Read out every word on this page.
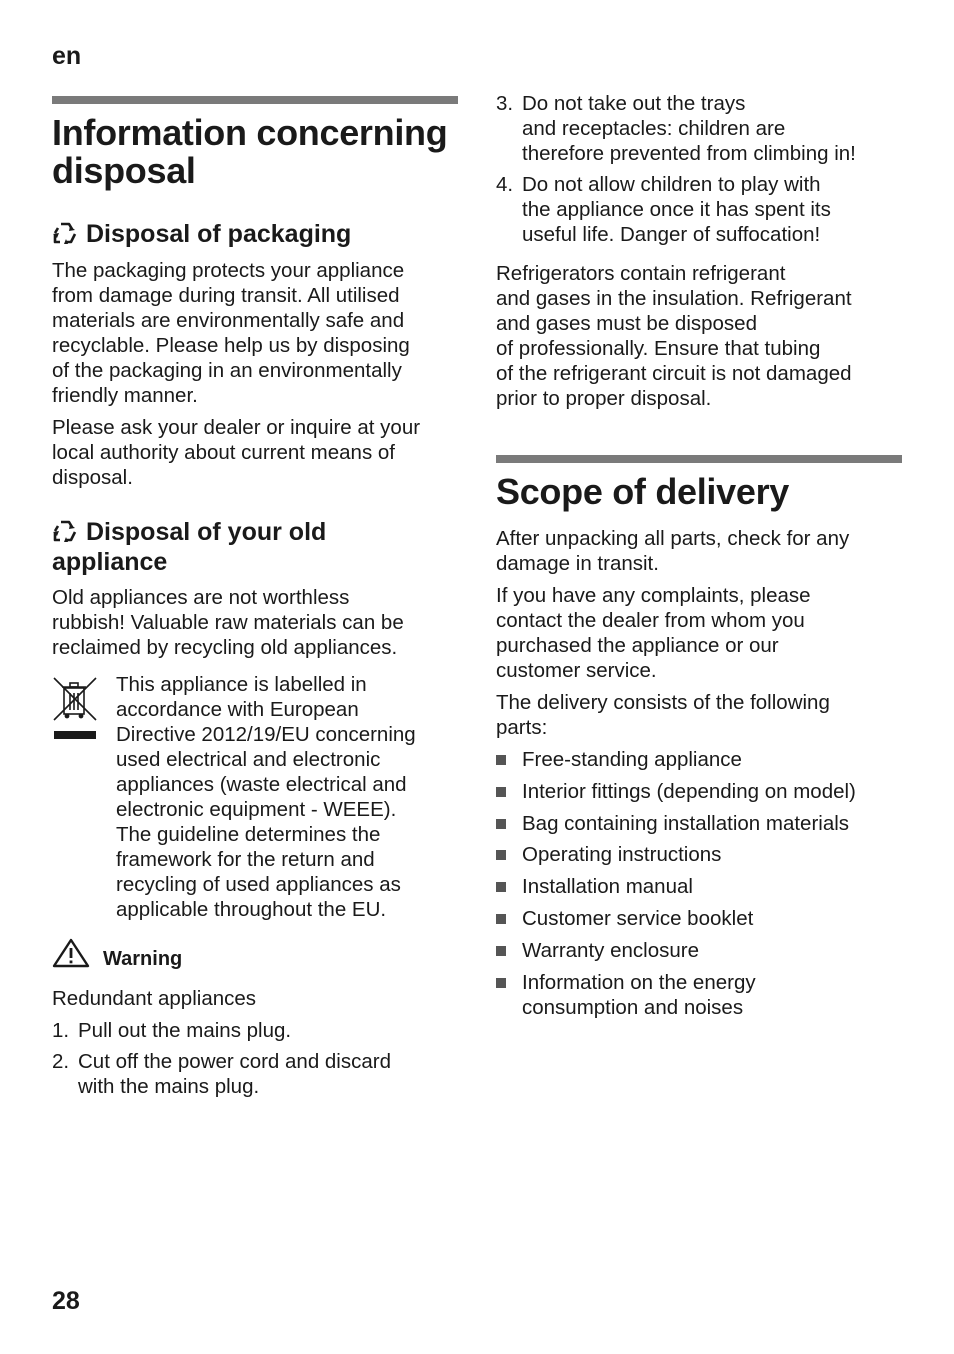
en
28
Information concerning
disposal
Disposal of packaging

The packaging protects your appliance
from damage during transit. All utilised
materials are environmentally safe and
recyclable. Please help us by disposing
of the packaging in an environmentally
friendly manner.

Please ask your dealer or inquire at your
local authority about current means of
disposal.

Disposal of your old
appliance

Old appliances are not worthless
rubbish! Valuable raw materials can be
reclaimed by recycling old appliances.

This appliance is labelled in
accordance with European
Directive 2012/19/EU concerning
used electrical and electronic
appliances (waste electrical and
electronic equipment - WEEE).
The guideline determines the
framework for the return and
recycling of used appliances as
applicable throughout the EU.

Warning

Redundant appliances

1. Pull out the mains plug.
2. Cut off the power cord and discard
with the mains plug.
3. Do not take out the trays
and receptacles: children are
therefore prevented from climbing in!
4. Do not allow children to play with
the appliance once it has spent its
useful life. Danger of suffocation!

Refrigerators contain refrigerant
and gases in the insulation. Refrigerant
and gases must be disposed
of professionally. Ensure that tubing
of the refrigerant circuit is not damaged
prior to proper disposal.

Scope of delivery

After unpacking all parts, check for any
damage in transit.

If you have any complaints, please
contact the dealer from whom you
purchased the appliance or our
customer service.

The delivery consists of the following
parts:

Free-standing appliance
Interior fittings (depending on model)
Bag containing installation materials
Operating instructions
Installation manual
Customer service booklet
Warranty enclosure
Information on the energy
consumption and noises
